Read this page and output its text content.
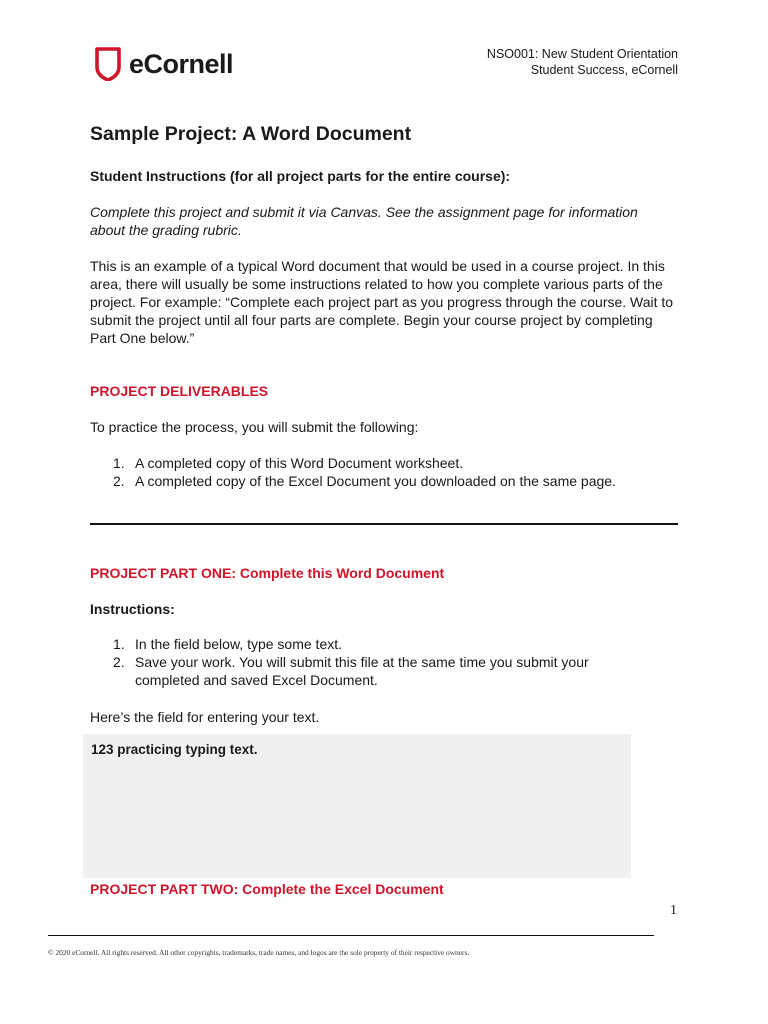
eCornell	NSO001: New Student Orientation
Student Success, eCornell
Sample Project: A Word Document

Student Instructions (for all project parts for the entire course):

Complete this project and submit it via Canvas. See the assignment page for information about the grading rubric.

This is an example of a typical Word document that would be used in a course project. In this area, there will usually be some instructions related to how you complete various parts of the project. For example: “Complete each project part as you progress through the course. Wait to submit the project until all four parts are complete. Begin your course project by completing Part One below.”

PROJECT DELIVERABLES

To practice the process, you will submit the following:

1. A completed copy of this Word Document worksheet.
2. A completed copy of the Excel Document you downloaded on the same page.

PROJECT PART ONE: Complete this Word Document

Instructions:

1. In the field below, type some text.
2. Save your work. You will submit this file at the same time you submit your completed and saved Excel Document.

Here’s the field for entering your text.

123 practicing typing text.

PROJECT PART TWO: Complete the Excel Document

1
© 2020 eCornell. All rights reserved. All other copyrights, trademarks, trade names, and logos are the sole property of their respective owners.
